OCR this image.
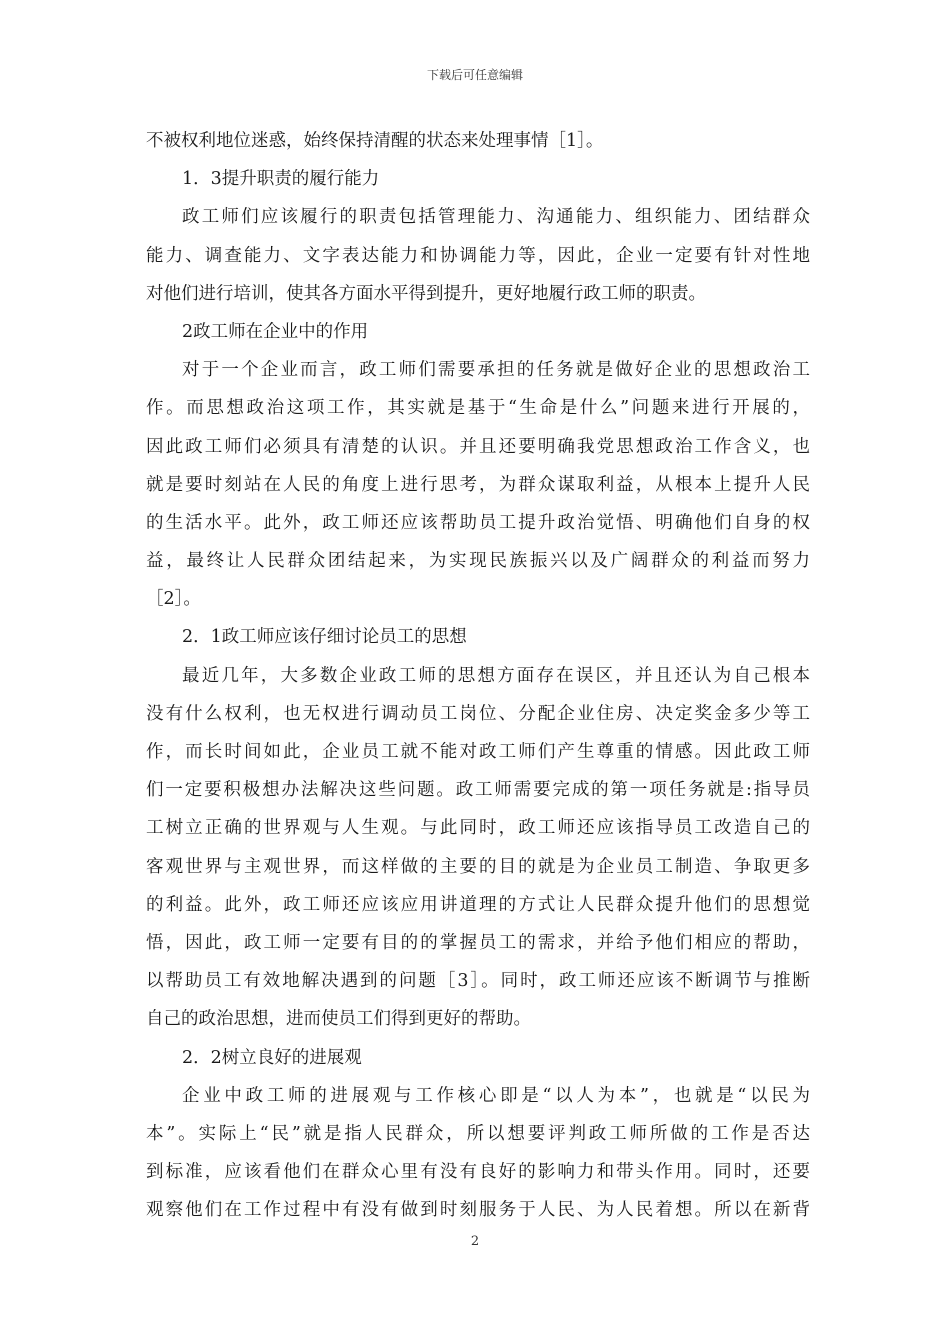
下载后可任意编辑
不被权利地位迷惑，始终保持清醒的状态来处理事情［1］。
1．3提升职责的履行能力
政工师们应该履行的职责包括管理能力、沟通能力、组织能力、团结群众
能力、调查能力、文字表达能力和协调能力等，因此，企业一定要有针对性地
对他们进行培训，使其各方面水平得到提升，更好地履行政工师的职责。
2政工师在企业中的作用
对于一个企业而言，政工师们需要承担的任务就是做好企业的思想政治工
作。而思想政治这项工作，其实就是基于“生命是什么”问题来进行开展的，
因此政工师们必须具有清楚的认识。并且还要明确我党思想政治工作含义，也
就是要时刻站在人民的角度上进行思考，为群众谋取利益，从根本上提升人民
的生活水平。此外，政工师还应该帮助员工提升政治觉悟、明确他们自身的权
益，最终让人民群众团结起来，为实现民族振兴以及广阔群众的利益而努力
［2］。
2．1政工师应该仔细讨论员工的思想
最近几年，大多数企业政工师的思想方面存在误区，并且还认为自己根本
没有什么权利，也无权进行调动员工岗位、分配企业住房、决定奖金多少等工
作，而长时间如此，企业员工就不能对政工师们产生尊重的情感。因此政工师
们一定要积极想办法解决这些问题。政工师需要完成的第一项任务就是:指导员
工树立正确的世界观与人生观。与此同时，政工师还应该指导员工改造自己的
客观世界与主观世界，而这样做的主要的目的就是为企业员工制造、争取更多
的利益。此外，政工师还应该应用讲道理的方式让人民群众提升他们的思想觉
悟，因此，政工师一定要有目的的掌握员工的需求，并给予他们相应的帮助，
以帮助员工有效地解决遇到的问题［3］。同时，政工师还应该不断调节与推断
自己的政治思想，进而使员工们得到更好的帮助。
2．2树立良好的进展观
企业中政工师的进展观与工作核心即是“以人为本”，也就是“以民为
本”。实际上“民”就是指人民群众，所以想要评判政工师所做的工作是否达
到标准，应该看他们在群众心里有没有良好的影响力和带头作用。同时，还要
观察他们在工作过程中有没有做到时刻服务于人民、为人民着想。所以在新背
2
